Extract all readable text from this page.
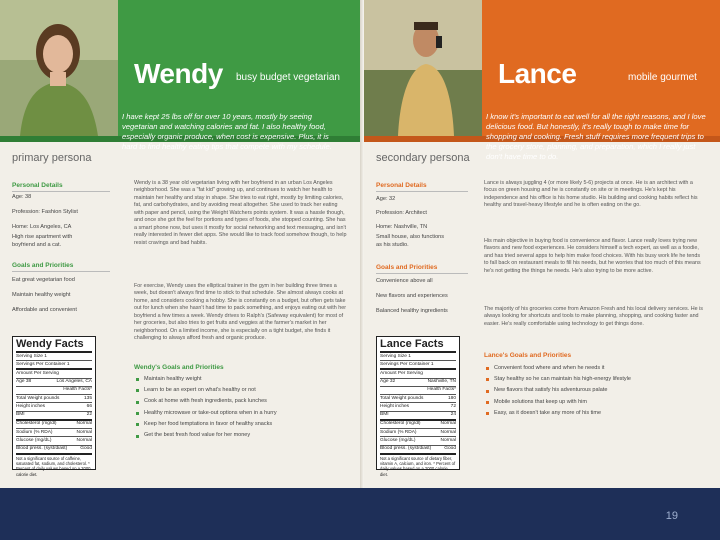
Wendy busy budget vegetarian
I have kept 25 lbs off for over 10 years, mostly by seeing vegetarian and watching calories and fat. I also healthy food, especially organic produce, when cost is expensive. Plus, it is hard to find healthy eating tips that compete with my schedule.
primary persona
Personal Details
Age: 38
Profession: Fashion Stylist
Home: Los Angeles, CA
High rise apartment with
boyfriend and a cat.
Goals and Priorities
Eat great vegetarian food
Maintain healthy weight
Affordable and convenient
Wendy Facts
Serving Size 1
Servings Per Container 1
Amount Per Serving
Age 38	Los Angeles, CA
Health Facts*
Total Weight pounds	135
Height inches	66
BMI	22
Cholesterol (mg/dl)	Normal
Sodium (% RDA)	Normal
Glucose (mg/dL)	Normal
Blood press. (syst/diast)	Good
Not a significant source of caffeine, saturated fat, sodium, and cholesterol. * Percent of daily values based on a 2000 calorie diet.
Wendy is a 38 year old vegetarian living with her boyfriend in an urban Los Angeles neighborhood. She was a "fat kid" growing up, and continues to watch her health to maintain her healthy and stay in shape. She tries to eat right, mostly by limiting calories, fat, and carbohydrates, and by avoiding meat altogether. She used to track her eating with paper and pencil, using the Weight Watchers points system. It was a hassle though, and once she got the feel for portions and types of foods, she stopped counting. She has a smart phone now, but uses it mostly for social networking and text messaging, and isn't really interested in fewer diet apps. She would like to track food somehow though, to help resist cravings and bad habits.
For exercise, Wendy uses the elliptical trainer in the gym in her building three times a week, but doesn't always find time to stick to that schedule. She almost always cooks at home, and considers cooking a hobby. She is constantly on a budget, but often gets take out for lunch when she hasn't had time to pack something, and enjoys eating out with her boyfriend a few times a week. Wendy drives to Ralph's (Safeway equivalent) for most of her groceries, but also tries to get fruits and veggies at the farmer's market in her neighborhood. On a limited income, she is especially on a tight budget, she finds it challenging to always afford fresh and organic produce.
Wendy's Goals and Priorities
Maintain healthy weight
Learn to be an expert on what's healthy or not
Cook at home with fresh ingredients, pack lunches
Healthy microwave or take-out options when in a hurry
Keep her food temptations in favor of healthy snacks
Get the best fresh food value for her money
Lance	mobile gourmet
I know it's important to eat well for all the right reasons, and I love delicious food. But honestly, it's really tough to make time for shopping and cooking. Fresh stuff requires more frequent trips to the grocery store, planning, and preparation, which I really just don't have time to do.
secondary persona
Personal Details
Age: 32
Profession: Architect
Home: Nashville, TN
Small house, also functions
as his studio.
Goals and Priorities
Convenience above all
New flavors and experiences
Balanced healthy ingredients
Lance Facts
Serving Size 1
Servings Per Container 1
Amount Per Serving
Age 32	Nashville, TN
Health Facts*
Total Weight pounds	180
Height inches	72
BMI	24
Cholesterol (mg/dl)	Normal
Sodium (% RDA)	Normal
Glucose (mg/dL)	Normal
Blood press. (syst/diast)	Good
Not a significant source of dietary fiber, vitamin A, calcium, and iron. * Percent of daily values based on a 2000 calorie diet.
Lance is always juggling 4 (or more likely 5-6) projects at once. He is an architect with a focus on green housing and he is constantly on site or in meetings. He's kept his independence and his office is his home studio. His building and cooking habits reflect his healthy and travel-heavy lifestyle and he is often eating on the go.
His main objective in buying food is convenience and flavor. Lance really loves trying new flavors and new food experiences. He considers himself a tech expert, as well as a foodie, and has tried several apps to help him make food choices. With his busy work life he tends to fall back on restaurant meals to fill his needs, but he worries that too much of this means he's not getting the things he needs. He's also trying to be more active.
The majority of his groceries come from Amazon Fresh and his local delivery services. He is always looking for shortcuts and tools to make planning, shopping, and cooking faster and easier. He's really comfortable using technology to get things done.
Lance's Goals and Priorities
Convenient food where and when he needs it
Stay healthy so he can maintain his high-energy lifestyle
New flavors that satisfy his adventurous palate
Mobile solutions that keep up with him
Easy, as it doesn't take any more of his time
19
